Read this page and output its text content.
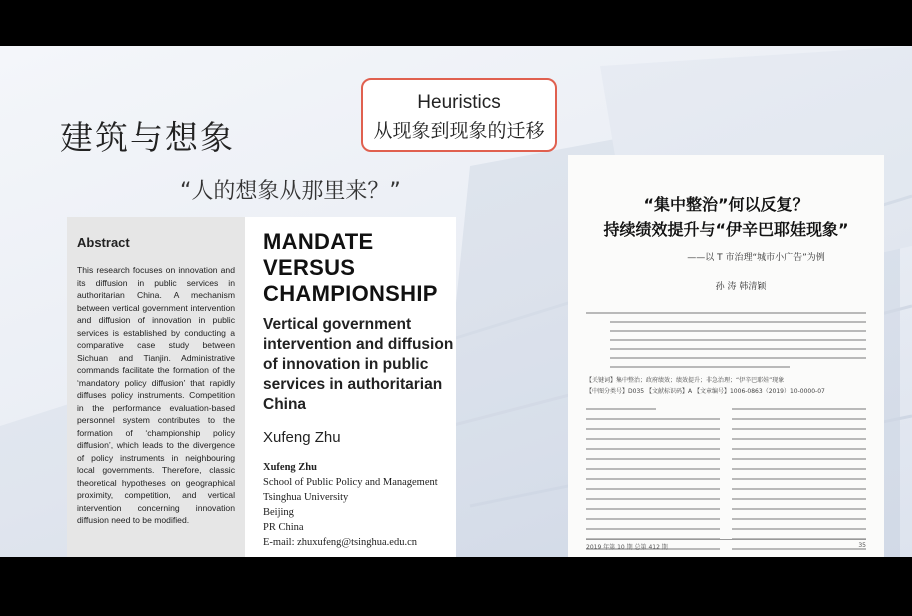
建筑与想象
“人的想象从那里来？”
Heuristics
从现象到现象的迁移
Abstract

This research focuses on innovation and its diffusion in public services in authoritarian China. A mechanism between vertical government intervention and diffusion of innovation in public services is established by conducting a comparative case study between Sichuan and Tianjin. Administrative commands facilitate the formation of the ‘mandatory policy diffusion’ that rapidly diffuses policy instruments. Competition in the performance evaluation-based personnel system contributes to the formation of ‘championship policy diffusion’, which leads to the divergence of policy instruments in neighbouring local governments. Therefore, classic theoretical hypotheses on geographical proximity, competition, and vertical intervention concerning innovation diffusion need to be modified.

MANDATE VERSUS CHAMPIONSHIP
Vertical government intervention and diffusion of innovation in public services in authoritarian China
Xufeng Zhu
Xufeng Zhu
School of Public Policy and Management
Tsinghua University
Beijing
PR China
E-mail: zhuxufeng@tsinghua.edu.cn
“集中整治”何以反复？
持续绩效提升与“伊辛巴耶娃现象”
——以 T 市治理“城市小广告”为例
孙 涛 韩清颖
【关键词】集中整治；政府绩效；绩效提升；非急治理；“伊辛巴耶娃”现象
【中图分类号】D035 【文献标识码】A 【文章编号】1006-0863（2019）10-0000-07
2019 年第 10 期 总第 412 期	35
